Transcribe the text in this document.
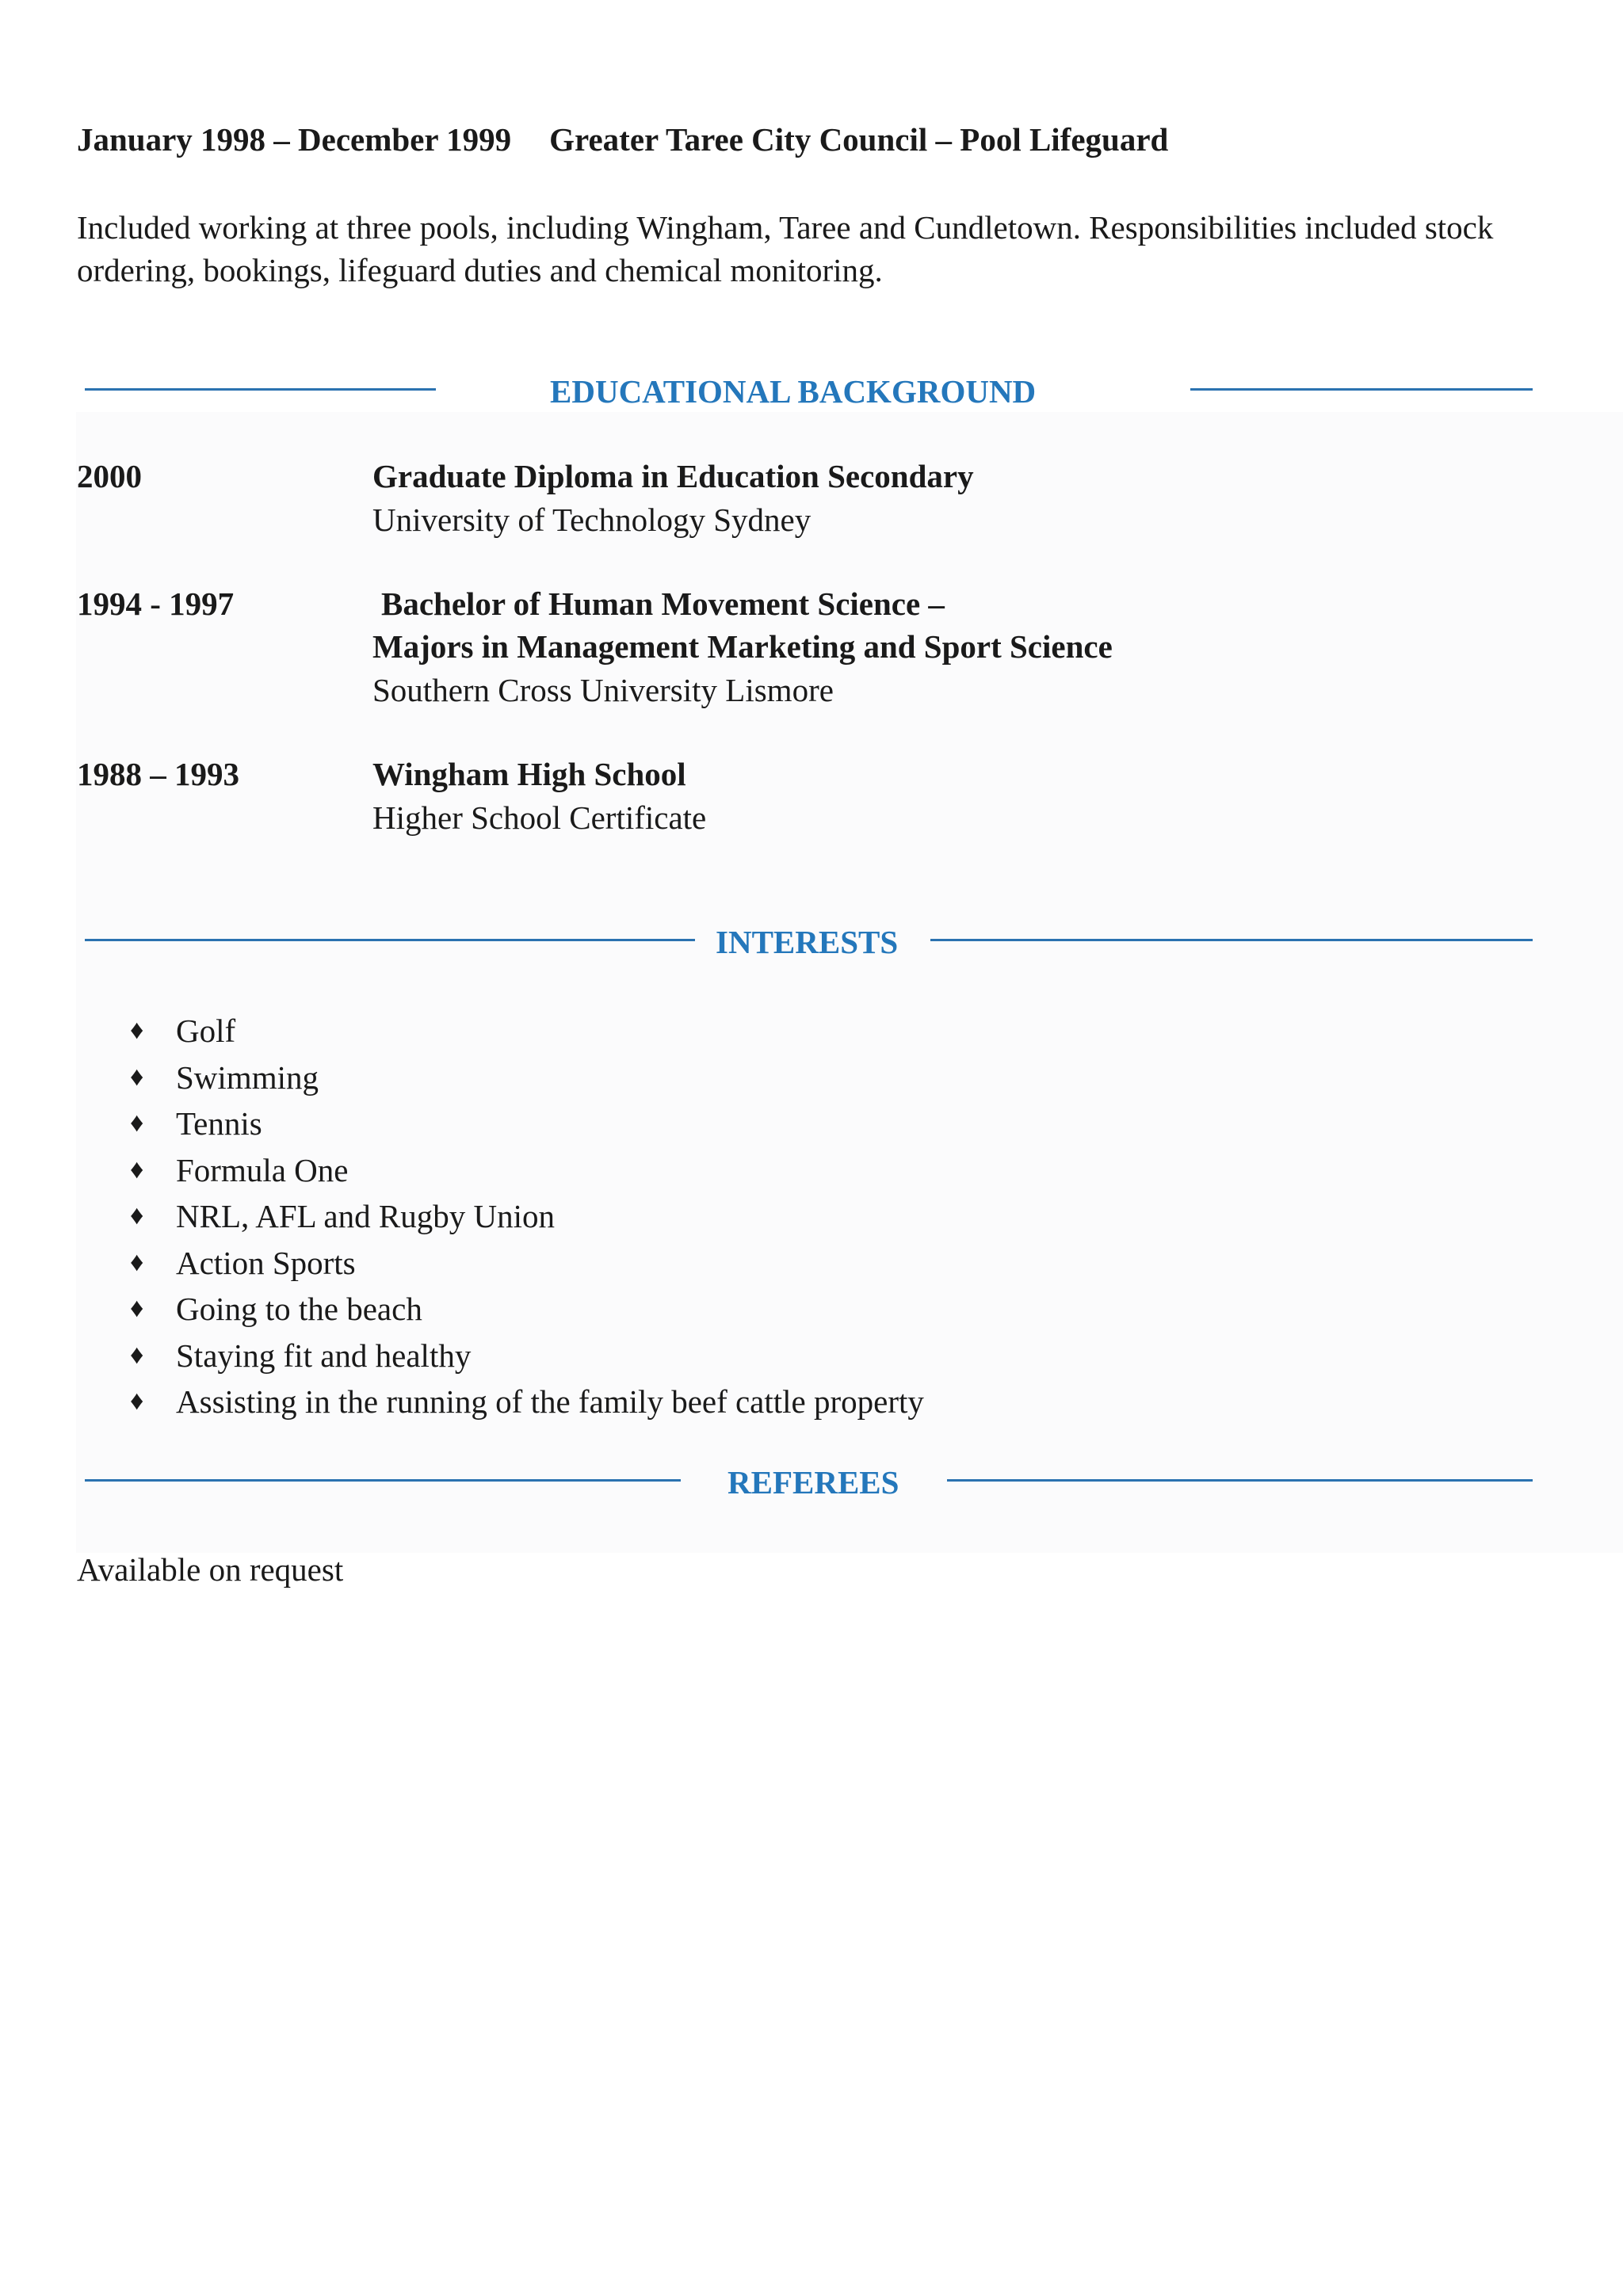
January 1998 – December 1999 Greater Taree City Council – Pool Lifeguard
Included working at three pools, including Wingham, Taree and Cundletown. Responsibilities included stock ordering, bookings, lifeguard duties and chemical monitoring.
EDUCATIONAL BACKGROUND
2000	Graduate Diploma in Education Secondary
University of Technology Sydney
1994 - 1997	Bachelor of Human Movement Science –
Majors in Management Marketing and Sport Science
Southern Cross University Lismore
1988 – 1993	Wingham High School
Higher School Certificate
INTERESTS
♦ Golf
♦ Swimming
♦ Tennis
♦ Formula One
♦ NRL, AFL and Rugby Union
♦ Action Sports
♦ Going to the beach
♦ Staying fit and healthy
♦ Assisting in the running of the family beef cattle property
REFEREES
Available on request
